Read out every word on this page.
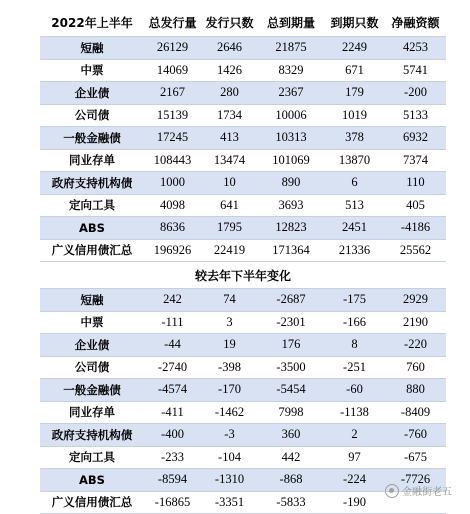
2022年上半年	总发行量	发行只数	总到期量	到期只数	净融资额
短融	26129	2646	21875	2249	4253
中票	14069	1426	8329	671	5741
企业债	2167	280	2367	179	-200
公司债	15139	1734	10006	1019	5133
一般金融债	17245	413	10313	378	6932
同业存单	108443	13474	101069	13870	7374
政府支持机构债	1000	10	890	6	110
定向工具	4098	641	3693	513	405
ABS	8636	1795	12823	2451	-4186
广义信用债汇总	196926	22419	171364	21336	25562
较去年下半年变化					
短融	242	74	-2687	-175	2929
中票	-111	3	-2301	-166	2190
企业债	-44	19	176	8	-220
公司债	-2740	-398	-3500	-251	760
一般金融债	-4574	-170	-5454	-60	880
同业存单	-411	-1462	7998	-1138	-8409
政府支持机构债	-400	-3	360	2	-760
定向工具	-233	-104	442	97	-675
ABS	-8594	-1310	-868	-224	-7726
广义信用债汇总	-16865	-3351	-5833	-190	
金融街老五
